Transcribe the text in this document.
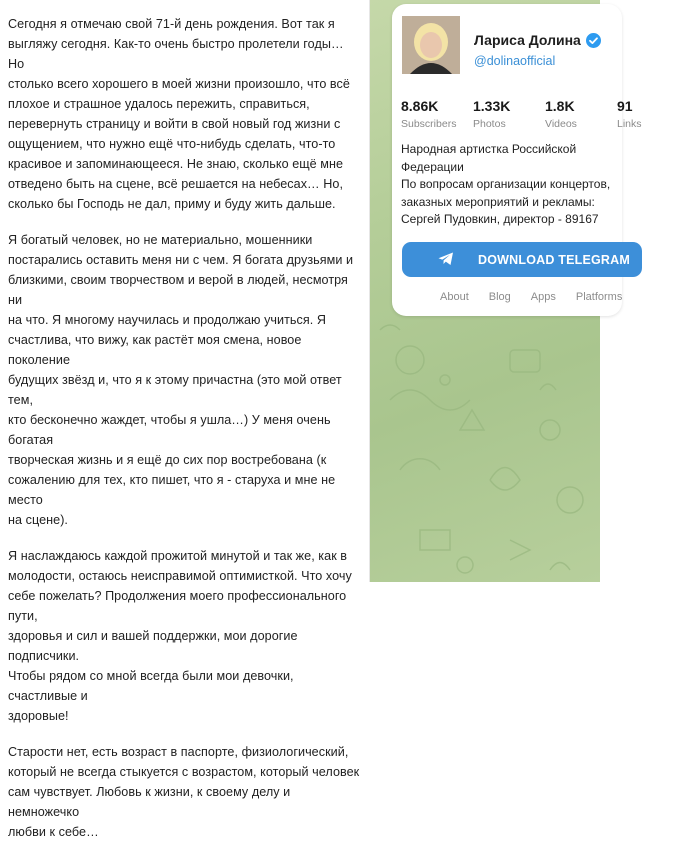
Сегодня я отмечаю свой 71-й день рождения. Вот так я
выгляжу сегодня. Как-то очень быстро пролетели годы… Но
столько всего хорошего в моей жизни произошло, что всё
плохое и страшное удалось пережить, справиться,
перевернуть страницу и войти в свой новый год жизни с
ощущением, что нужно ещё что-нибудь сделать, что-то
красивое и запоминающееся. Не знаю, сколько ещё мне
отведено быть на сцене, всё решается на небесах… Но,
сколько бы Господь не дал, приму и буду жить дальше.

Я богатый человек, но не материально, мошенники
постарались оставить меня ни с чем. Я богата друзьями и
близкими, своим творчеством и верой в людей, несмотря ни
на что. Я многому научилась и продолжаю учиться. Я
счастлива, что вижу, как растёт моя смена, новое поколение
будущих звёзд и, что я к этому причастна (это мой ответ тем,
кто бесконечно жаждет, чтобы я ушла…) У меня очень богатая
творческая жизнь и я ещё до сих пор востребована (к
сожалению для тех, кто пишет, что я - старуха и мне не место
на сцене).

Я наслаждаюсь каждой прожитой минутой и так же, как в
молодости, остаюсь неисправимой оптимисткой. Что хочу
себе пожелать? Продолжения моего профессионального пути,
здоровья и сил и вашей поддержки, мои дорогие подписчики.
Чтобы рядом со мной всегда были мои девочки, счастливые и
здоровые!

Старости нет, есть возраст в паспорте, физиологический,
который не всегда стыкуется с возрастом, который человек
сам чувствует. Любовь к жизни, к своему делу и немножечко
любви к себе…

Лариса Долина
@dolinaofficial
8.86K
Subscribers
1.33K
Photos
1.8K
Videos
91
Links
Народная артистка Российской
Федерации
По вопросам организации концертов,
заказных мероприятий и рекламы:
Сергей Пудовкин, директор - 89167
DOWNLOAD TELEGRAM
About Blog Apps Platforms
